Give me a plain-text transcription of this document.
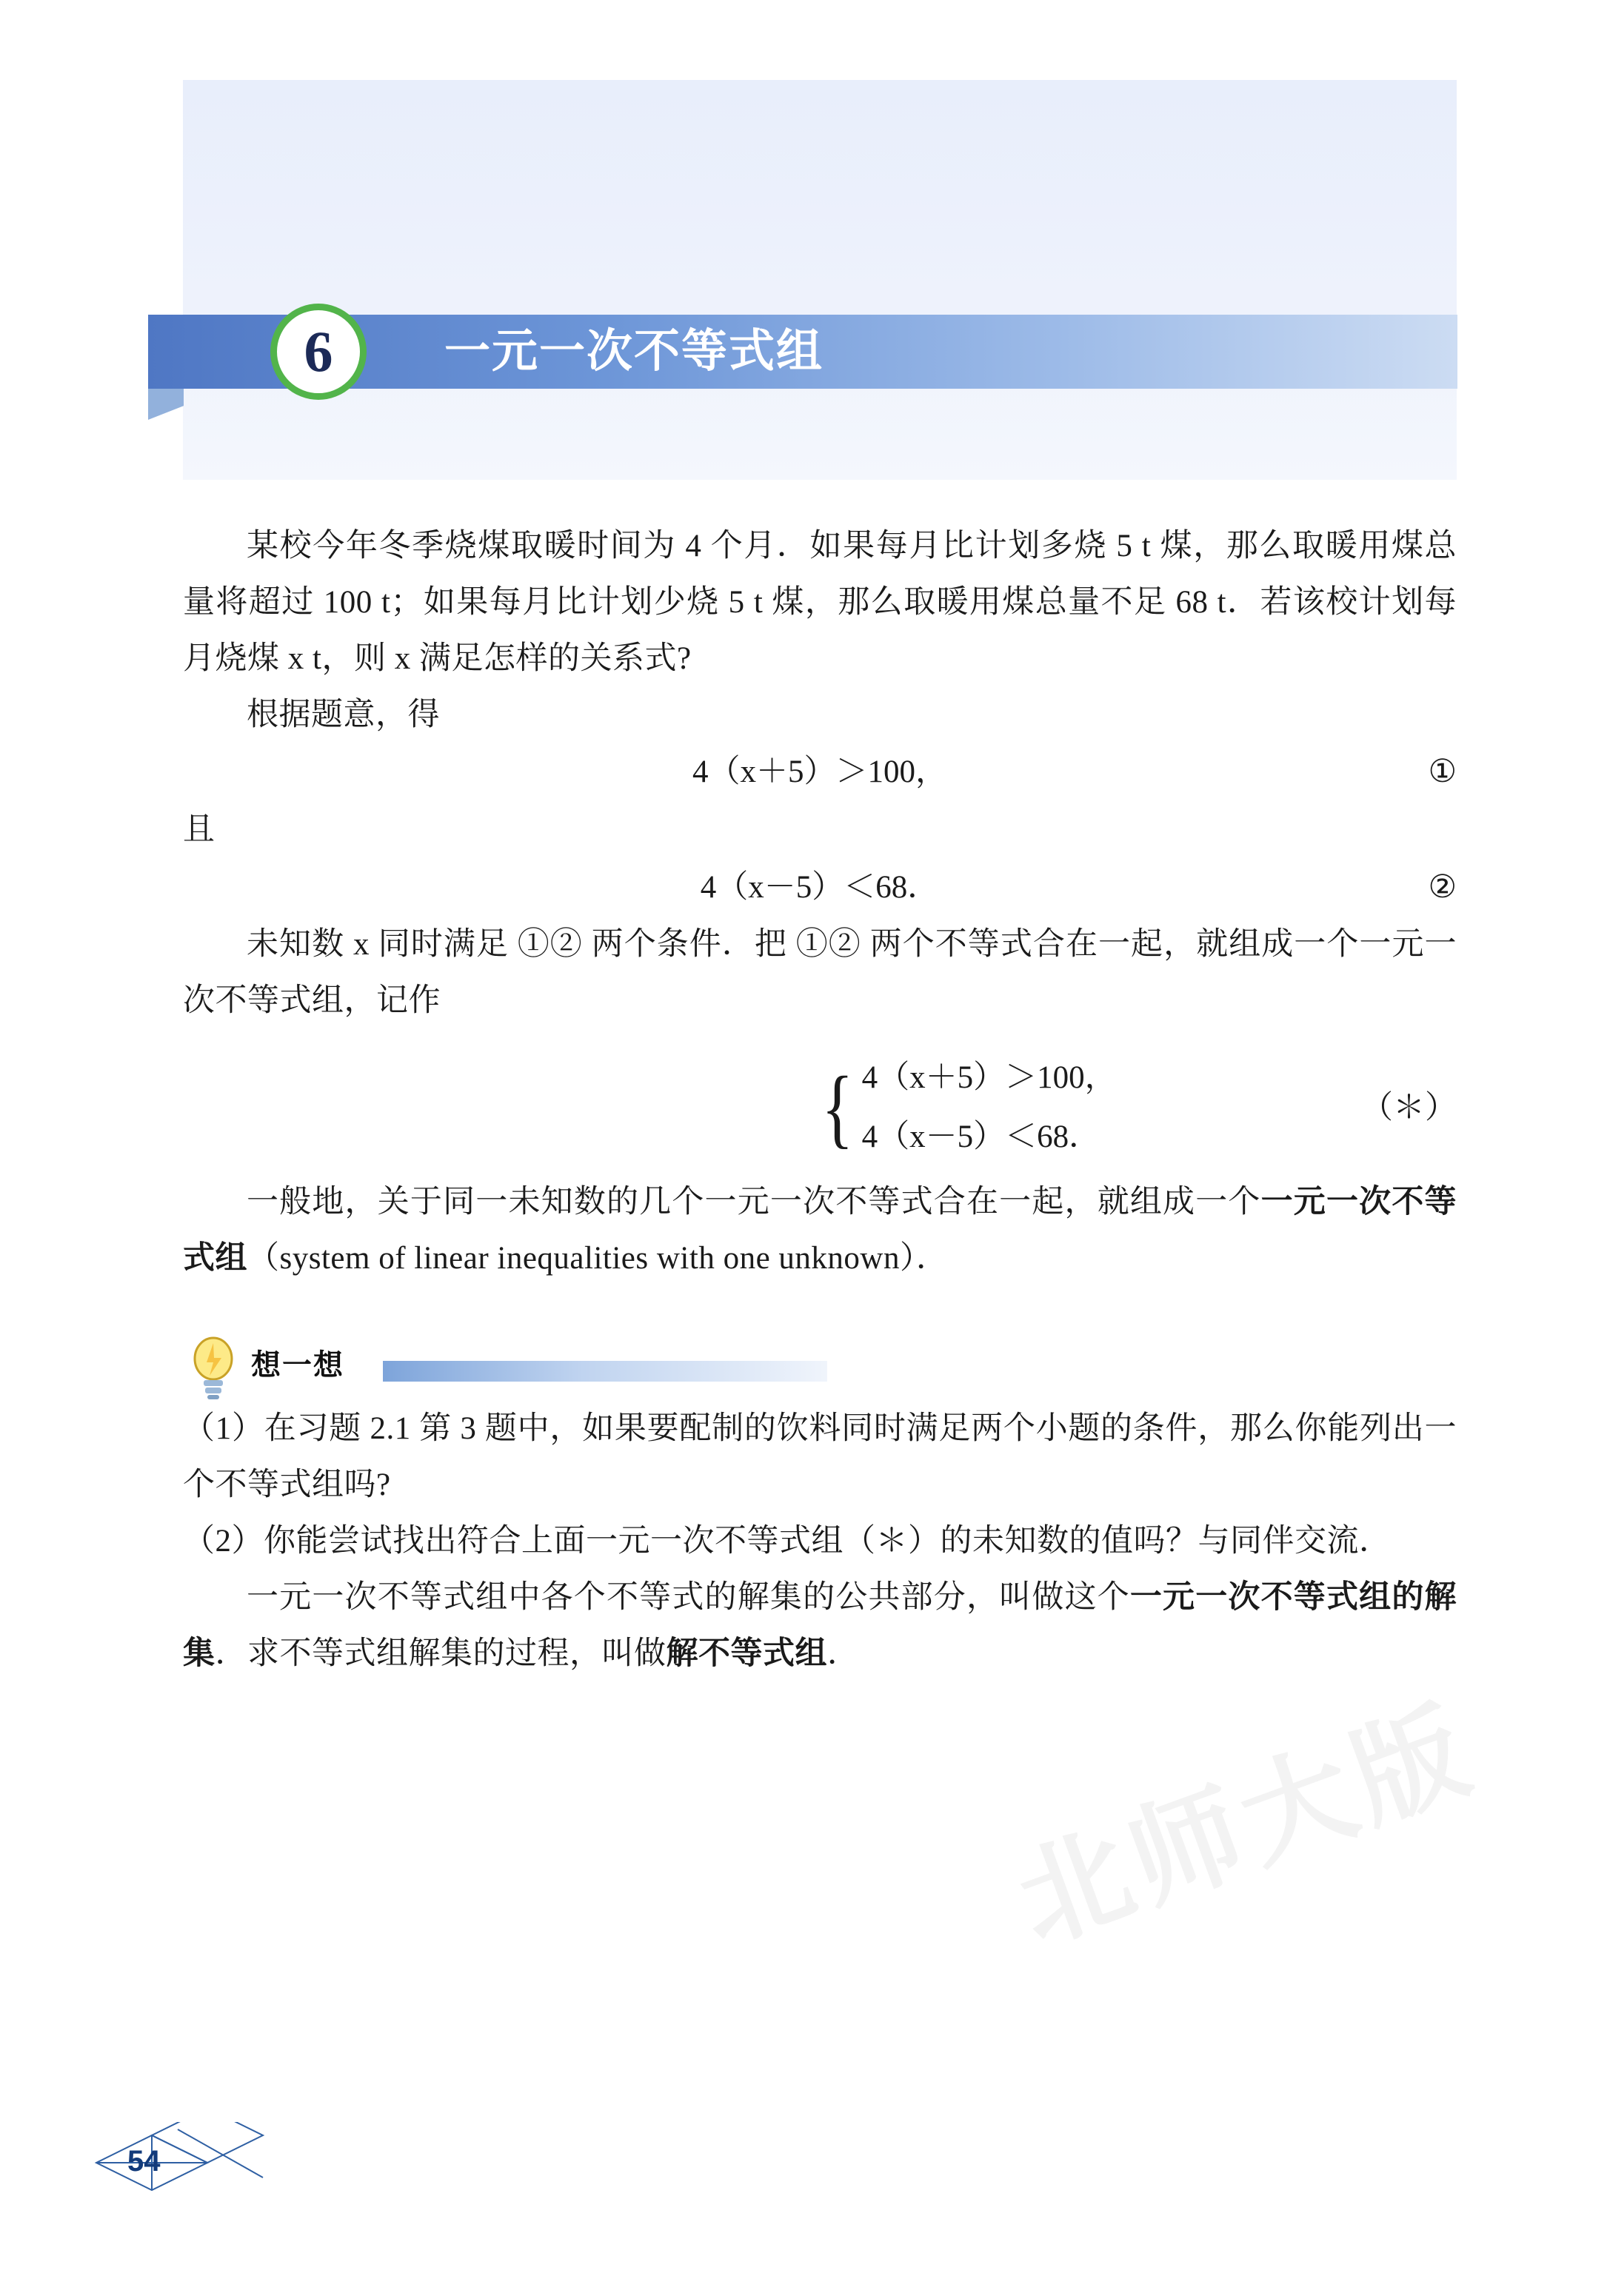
6	一元一次不等式组

某校今年冬季烧煤取暖时间为 4 个月．如果每月比计划多烧 5 t 煤，那么取暖用煤总量将超过 100 t；如果每月比计划少烧 5 t 煤，那么取暖用煤总量不足 68 t．若该校计划每月烧煤 x t，则 x 满足怎样的关系式?

根据题意，得

4（x＋5）＞100，	①
且
4（x－5）＜68．	②

未知数 x 同时满足 ①② 两个条件．把 ①② 两个不等式合在一起，就组成一个一元一次不等式组，记作

{ 4（x＋5）＞100，
4（x－5）＜68．
（＊）

一般地，关于同一未知数的几个一元一次不等式合在一起，就组成一个一元一次不等式组（system of linear inequalities with one unknown）．

想一想

（1）在习题 2.1 第 3 题中，如果要配制的饮料同时满足两个小题的条件，那么你能列出一个不等式组吗?

（2）你能尝试找出符合上面一元一次不等式组（＊）的未知数的值吗？与同伴交流．

一元一次不等式组中各个不等式的解集的公共部分，叫做这个一元一次不等式组的解集．求不等式组解集的过程，叫做解不等式组．

北师大版
54
